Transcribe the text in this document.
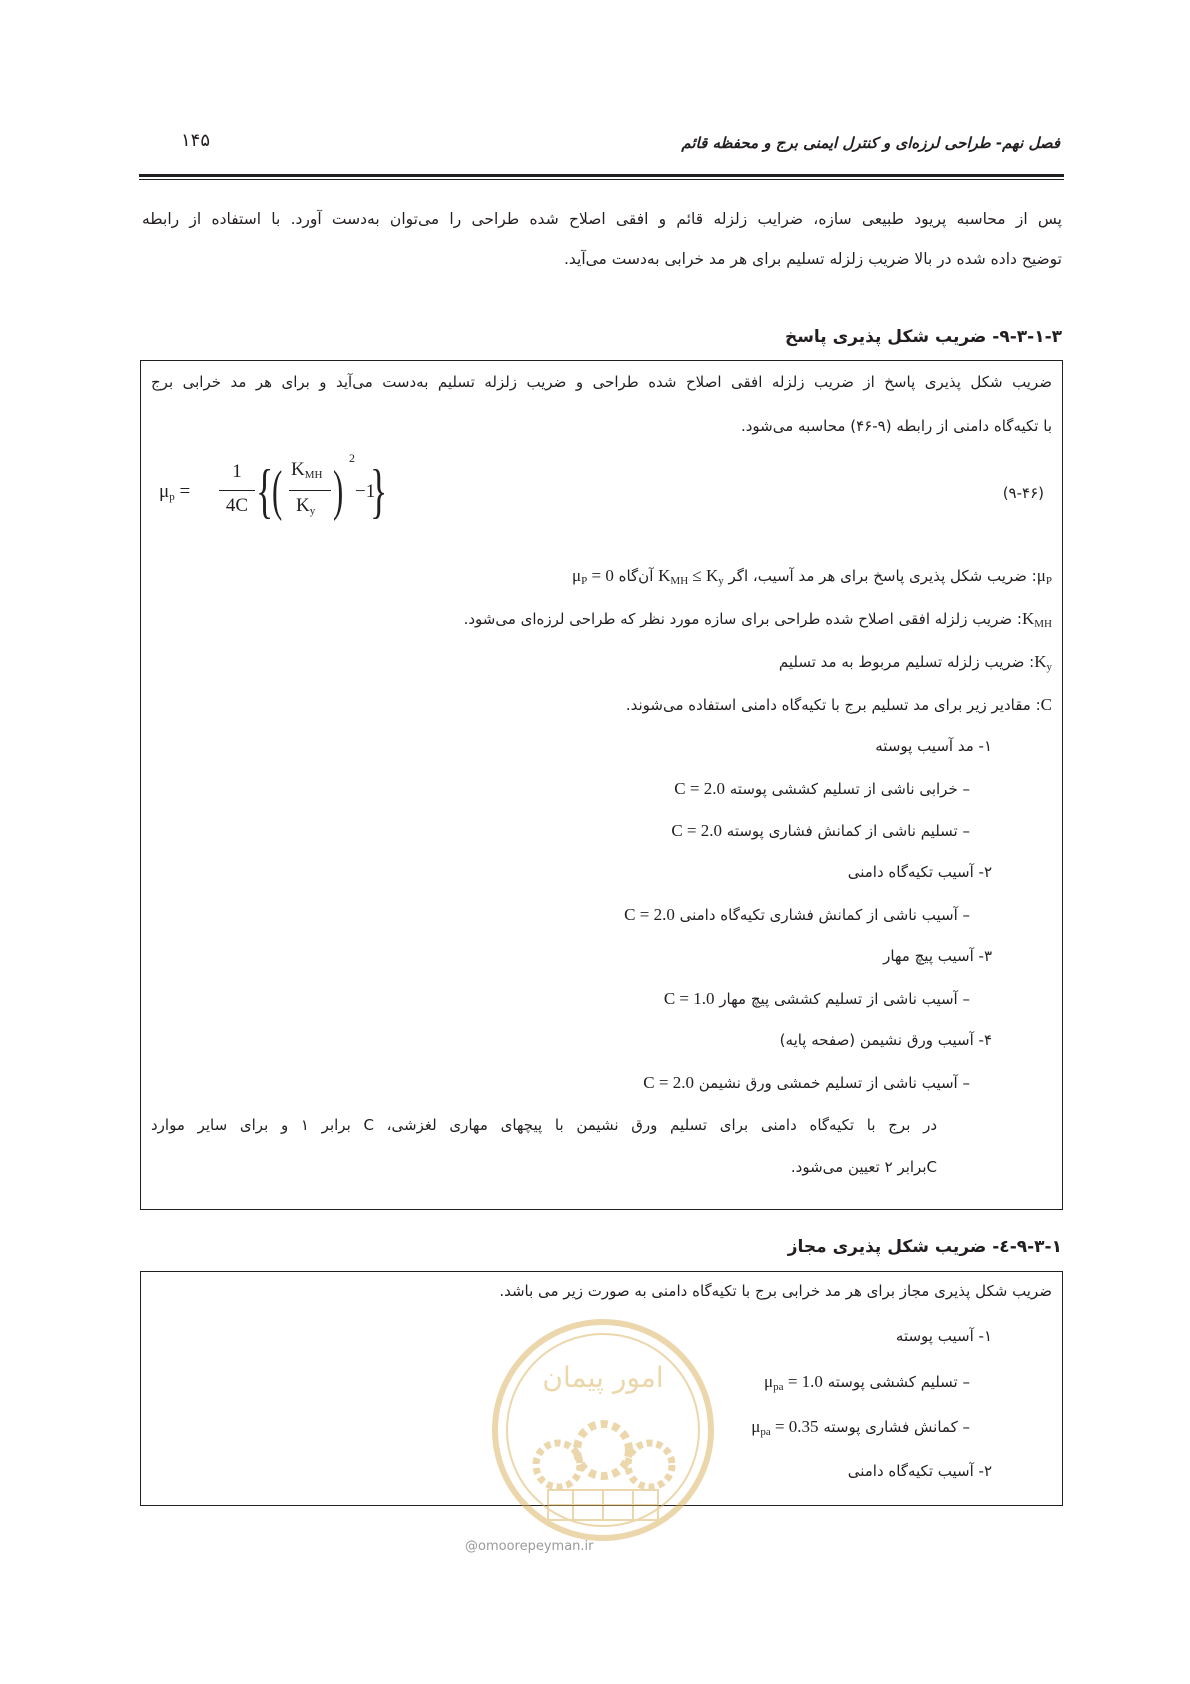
فصل نهم- طراحی لرزه‌ای و کنترل ایمنی برج و محفظه قائم
۱۴۵
پس از محاسبه پریود طبیعی سازه، ضرایب زلزله قائم و افقی اصلاح شده طراحی را می‌توان به‌دست آورد. با استفاده از رابطه
توضیح داده شده در بالا ضریب زلزله تسلیم برای هر مد خرابی به‌دست می‌آید.
۹-۳-۱-۳- ضریب شکل پذیری پاسخ
ضریب شکل پذیری پاسخ از ضریب زلزله افقی اصلاح شده طراحی و ضریب زلزله تسلیم به‌دست می‌آید و برای هر مد خرابی برج
با تکیه‌گاه دامنی از رابطه (۹-۴۶) محاسبه می‌شود.
$\mu_p$ =
1
4C {
( $K_{MH}$
$K_y$ )
2
−1
}	(۹-۴۶)
$\mu_P$: ضریب شکل پذیری پاسخ برای هر مد آسیب، اگر $K_{MH} \le K_y$ آن‌گاه $\mu_P = 0$
$K_{MH}$: ضریب زلزله افقی اصلاح شده طراحی برای سازه مورد نظر که طراحی لرزه‌ای می‌شود.
$K_y$: ضریب زلزله تسلیم مربوط به مد تسلیم
C: مقادیر زیر برای مد تسلیم برج با تکیه‌گاه دامنی استفاده می‌شوند.
۱- مد آسیب پوسته
– خرابی ناشی از تسلیم کششی پوسته C = 2.0
– تسلیم ناشی از کمانش فشاری پوسته C = 2.0
۲- آسیب تکیه‌گاه دامنی
– آسیب ناشی از کمانش فشاری تکیه‌گاه دامنی C = 2.0
۳- آسیب پیچ مهار
– آسیب ناشی از تسلیم کششی پیچ مهار C = 1.0
۴- آسیب ورق نشیمن (صفحه پایه)
– آسیب ناشی از تسلیم خمشی ورق نشیمن C = 2.0
در برج با تکیه‌گاه دامنی برای تسلیم ورق نشیمن با پیچهای مهاری لغزشی، C برابر ۱ و برای سایر موارد
Cبرابر ۲ تعیین می‌شود.
۹-۳-۱-٤- ضریب شکل پذیری مجاز
ضریب شکل پذیری مجاز برای هر مد خرابی برج با تکیه‌گاه دامنی به صورت زیر می باشد.
۱- آسیب پوسته
– تسلیم کششی پوسته $\mu_{pa} = 1.0$
– کمانش فشاری پوسته $\mu_{pa} = 0.35$
۲- آسیب تکیه‌گاه دامنی
امور پیمان
@omoorepeyman.ir
